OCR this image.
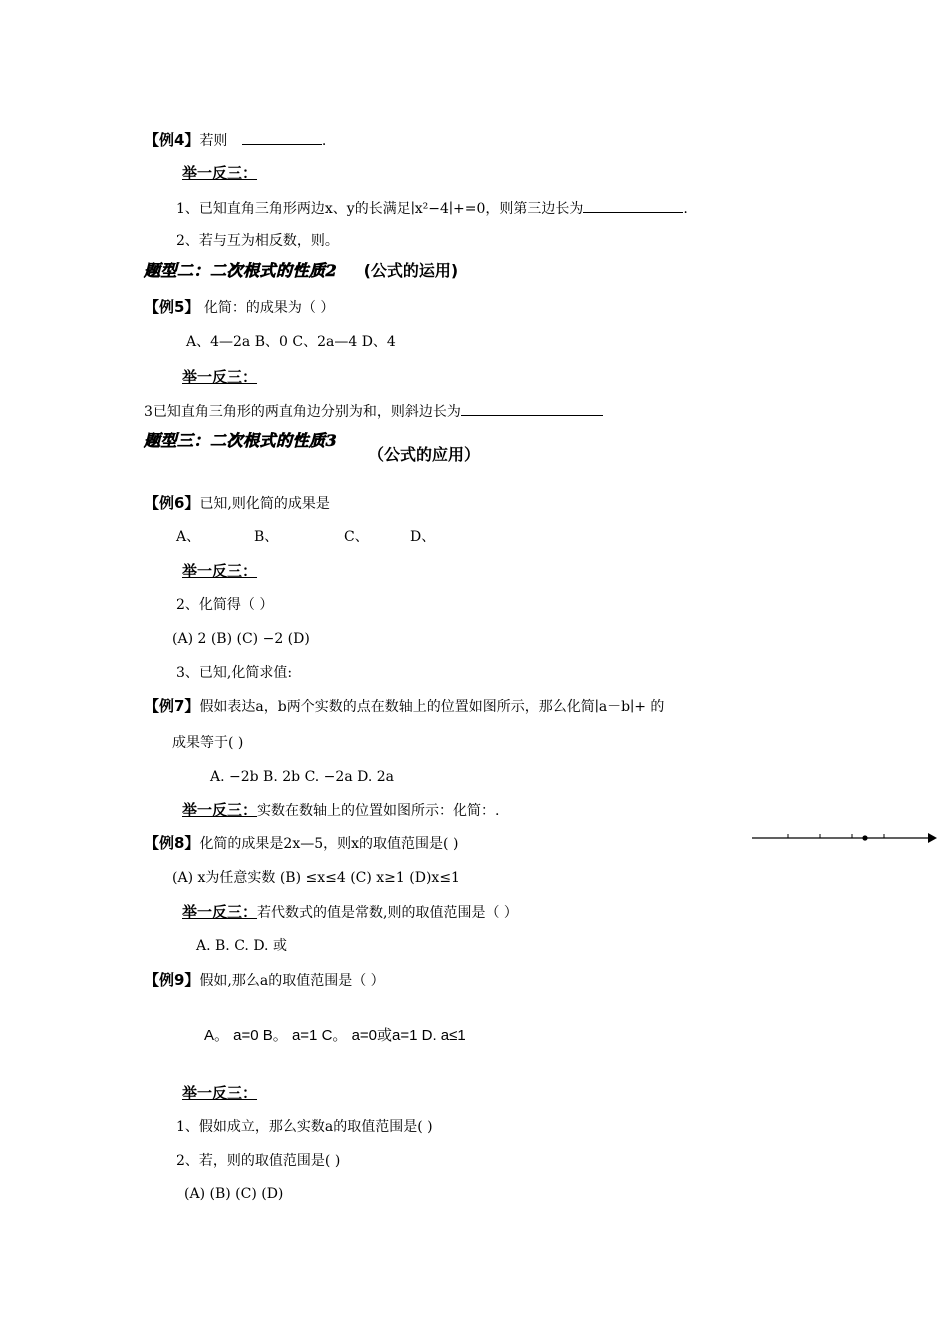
【例4】若则	.
举一反三：
1、已知直角三角形两边x、y的长满足∣x²−4∣+=0，则第三边长为	.
2、若与互为相反数，则。
题型二：二次根式的性质2 (公式的运用)
【例5】 化简：的成果为（ ）
A、4—2a B、0 C、2a—4 D、4
举一反三：
3已知直角三角形的两直角边分别为和，则斜边长为
题型三：二次根式的性质3
（公式的应用）
【例6】已知,则化简的成果是
A、	B、	C、	D、
举一反三：
2、化简得（ ）
(A) 2 (B) (C) −2 (D)
3、已知,化简求值:
【例7】假如表达a，b两个实数的点在数轴上的位置如图所示，那么化简∣a－b∣+ 的
成果等于( )
A. −2b B. 2b C. −2a D. 2a
举一反三：实数在数轴上的位置如图所示：化简：.
【例8】化简的成果是2x—5，则x的取值范围是( )
(A) x为任意实数 (B) ≤x≤4 (C) x≥1 (D)x≤1
举一反三：若代数式的值是常数,则的取值范围是（ ）
A. B. C. D. 或
【例9】假如,那么a的取值范围是（ ）
A。 a=0 B。 a=1 C。 a=0或a=1 D. a≤1
举一反三：
1、假如成立，那么实数a的取值范围是( )
2、若，则的取值范围是( )
(A) (B) (C) (D)
